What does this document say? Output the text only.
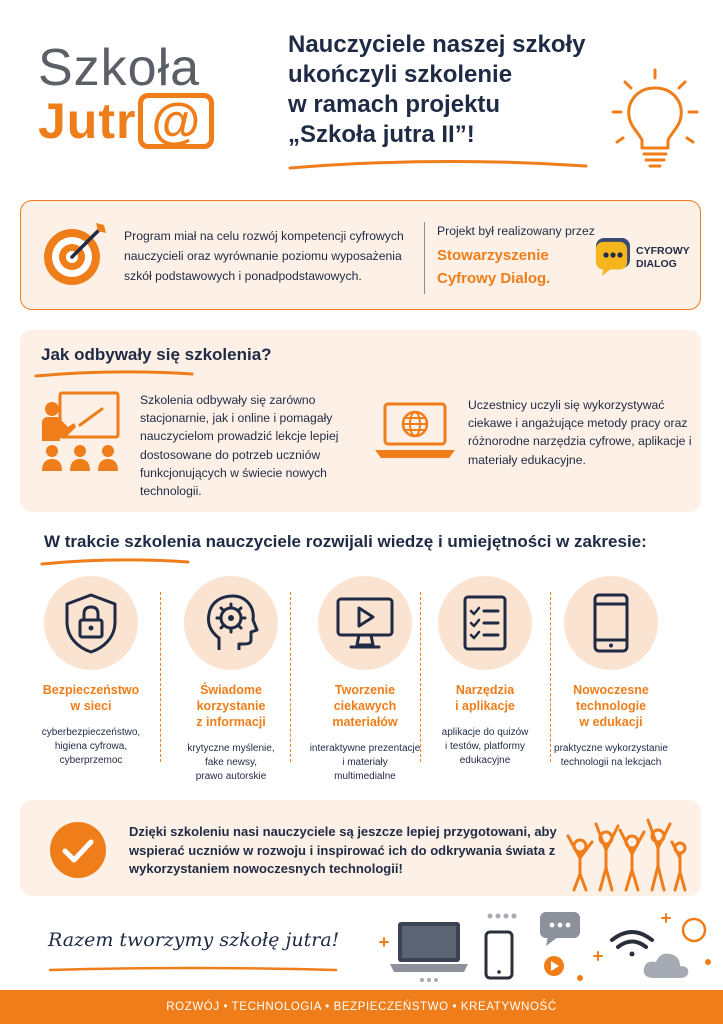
Szkoła
Jutr @
Nauczyciele naszej szkoły
ukończyli szkolenie
w ramach projektu
„Szkoła jutra II”!
Program miał na celu rozwój kompetencji cyfrowych nauczycieli oraz wyrównanie poziomu wyposażenia szkół podstawowych i ponadpodstawowych.
Projekt był realizowany przez
Stowarzyszenie
Cyfrowy Dialog.
CYFROWY
DIALOG
Jak odbywały się szkolenia?
Szkolenia odbywały się zarówno stacjonarnie, jak i online i pomagały nauczycielom prowadzić lekcje lepiej dostosowane do potrzeb uczniów funkcjonujących w świecie nowych technologii.
Uczestnicy uczyli się wykorzystywać ciekawe i angażujące metody pracy oraz różnorodne narzędzia cyfrowe, aplikacje i materiały edukacyjne.
W trakcie szkolenia nauczyciele rozwijali wiedzę i umiejętności w zakresie:
Bezpieczeństwo
w sieci
cyberbezpieczeństwo,
higiena cyfrowa,
cyberprzemoc
Świadome
korzystanie
z informacji
krytyczne myślenie,
fake newsy,
prawo autorskie
Tworzenie
ciekawych
materiałów
interaktywne prezentacje
i materiały
multimedialne
Narzędzia
i aplikacje
aplikacje do quizów
i testów, platformy
edukacyjne
Nowoczesne
technologie
w edukacji
praktyczne wykorzystanie
technologii na lekcjach
Dzięki szkoleniu nasi nauczyciele są jeszcze lepiej przygotowani, aby wspierać uczniów w rozwoju i inspirować ich do odkrywania świata z wykorzystaniem nowoczesnych technologii!
Razem tworzymy szkołę jutra!
ROZWÓJ • TECHNOLOGIA • BEZPIECZEŃSTWO • KREATYWNOŚĆ
